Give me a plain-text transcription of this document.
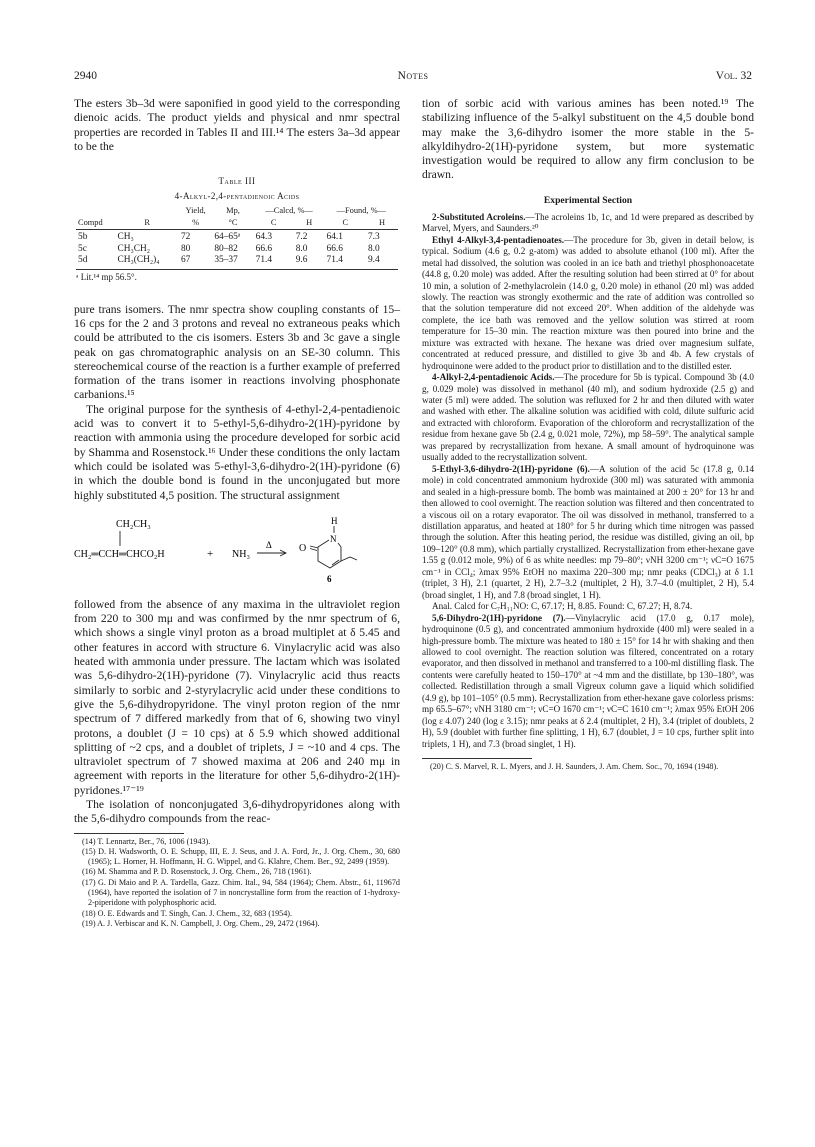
2940	Notes	Vol. 32

The esters 3b–3d were saponified in good yield to the corresponding dienoic acids. The product yields and physical and nmr spectral properties are recorded in Tables II and III.¹⁴ The esters 3a–3d appear to be the

Table III
4-Alkyl-2,4-pentadienoic Acids
		Yield,	Mp,	—Calcd, %—		—Found, %—	
Compd	R	%	°C	C	H	C	H
5b	CH₃	72	64–65ᵃ	64.3	7.2	64.1	7.3
5c	CH₃CH₂	80	80–82	66.6	8.0	66.6	8.0
5d	CH₃(CH₂)₄	67	35–37	71.4	9.6	71.4	9.4
ᵃ Lit.¹⁴ mp 56.5°.

pure trans isomers. The nmr spectra show coupling constants of 15–16 cps for the 2 and 3 protons and reveal no extraneous peaks which could be attributed to the cis isomers. Esters 3b and 3c gave a single peak on gas chromatographic analysis on an SE-30 column. This stereochemical course of the reaction is a further example of preferred formation of the trans isomer in reactions involving phosphonate carbanions.¹⁵

The original purpose for the synthesis of 4-ethyl-2,4-pentadienoic acid was to convert it to 5-ethyl-5,6-dihydro-2(1H)-pyridone by reaction with ammonia using the procedure developed for sorbic acid by Shamma and Rosenstock.¹⁶ Under these conditions the only lactam which could be isolated was 5-ethyl-3,6-dihydro-2(1H)-pyridone (6) in which the double bond is found in the unconjugated but more highly substituted 4,5 position. The structural assignment

CH₂CH₃
CH₂═CCH═CHCO₂H	+ NH₃
Δ
H
N
O
6

followed from the absence of any maxima in the ultraviolet region from 220 to 300 mμ and was confirmed by the nmr spectrum of 6, which shows a single vinyl proton as a broad multiplet at δ 5.45 and other features in accord with structure 6. Vinylacrylic acid was also heated with ammonia under pressure. The lactam which was isolated was 5,6-dihydro-2(1H)-pyridone (7). Vinylacrylic acid thus reacts similarly to sorbic and 2-styrylacrylic acid under these conditions to give the 5,6-dihydropyridone. The vinyl proton region of the nmr spectrum of 7 differed markedly from that of 6, showing two vinyl protons, a doublet (J = 10 cps) at δ 5.9 which showed additional splitting of ~2 cps, and a doublet of triplets, J = ~10 and 4 cps. The ultraviolet spectrum of 7 showed maxima at 206 and 240 mμ in agreement with reports in the literature for other 5,6-dihydro-2(1H)-pyridones.¹⁷⁻¹⁹

The isolation of nonconjugated 3,6-dihydropyridones along with the 5,6-dihydro compounds from the reac-

(14) T. Lennartz, Ber., 76, 1006 (1943).
(15) D. H. Wadsworth, O. E. Schupp, III, E. J. Seus, and J. A. Ford, Jr., J. Org. Chem., 30, 680 (1965); L. Horner, H. Hoffmann, H. G. Wippel, and G. Klahre, Chem. Ber., 92, 2499 (1959).
(16) M. Shamma and P. D. Rosenstock, J. Org. Chem., 26, 718 (1961).
(17) G. Di Maio and P. A. Tardella, Gazz. Chim. Ital., 94, 584 (1964); Chem. Abstr., 61, 11967d (1964), have reported the isolation of 7 in noncrystalline form from the reaction of 1-hydroxy-2-piperidone with polyphosphoric acid.
(18) O. E. Edwards and T. Singh, Can. J. Chem., 32, 683 (1954).
(19) A. J. Verbiscar and K. N. Campbell, J. Org. Chem., 29, 2472 (1964).

tion of sorbic acid with various amines has been noted.¹⁹ The stabilizing influence of the 5-alkyl substituent on the 4,5 double bond may make the 3,6-dihydro isomer the more stable in the 5-alkyldihydro-2(1H)-pyridone system, but more systematic investigation would be required to allow any firm conclusion to be drawn.

Experimental Section

2-Substituted Acroleins.—The acroleins 1b, 1c, and 1d were prepared as described by Marvel, Myers, and Saunders.²⁰

Ethyl 4-Alkyl-3,4-pentadienoates.—The procedure for 3b, given in detail below, is typical. Sodium (4.6 g, 0.2 g-atom) was added to absolute ethanol (100 ml). After the metal had dissolved, the solution was cooled in an ice bath and triethyl phosphonoacetate (44.8 g, 0.20 mole) was added. After the resulting solution had been stirred at 0° for about 10 min, a solution of 2-methylacrolein (14.0 g, 0.20 mole) in ethanol (20 ml) was added slowly. The reaction was strongly exothermic and the rate of addition was controlled so that the solution temperature did not exceed 20°. When addition of the aldehyde was complete, the ice bath was removed and the yellow solution was stirred at room temperature for 15–30 min. The reaction mixture was then poured into brine and the mixture was extracted with hexane. The hexane was dried over magnesium sulfate, concentrated at reduced pressure, and distilled to give 3b and 4b. A few crystals of hydroquinone were added to the product prior to distillation and to the distilled ester.

4-Alkyl-2,4-pentadienoic Acids.—The procedure for 5b is typical. Compound 3b (4.0 g, 0.029 mole) was dissolved in methanol (40 ml), and sodium hydroxide (2.5 g) and water (5 ml) were added. The solution was refluxed for 2 hr and then diluted with water and washed with ether. The alkaline solution was acidified with cold, dilute sulfuric acid and extracted with chloroform. Evaporation of the chloroform and recrystallization of the residue from hexane gave 5b (2.4 g, 0.021 mole, 72%), mp 58–59°. The analytical sample was prepared by recrystallization from hexane. A small amount of hydroquinone was usually added to the recrystallization solvent.

5-Ethyl-3,6-dihydro-2(1H)-pyridone (6).—A solution of the acid 5c (17.8 g, 0.14 mole) in cold concentrated ammonium hydroxide (300 ml) was saturated with ammonia and sealed in a high-pressure bomb. The bomb was maintained at 200 ± 20° for 13 hr and then allowed to cool overnight. The reaction solution was filtered and then concentrated to a viscous oil on a rotary evaporator. The oil was dissolved in methanol, transferred to a distillation apparatus, and heated at 180° for 5 hr during which time nitrogen was passed through the solution. After this heating period, the residue was distilled, giving an oil, bp 109–120° (0.8 mm), which partially crystallized. Recrystallization from ether-hexane gave 1.55 g (0.012 mole, 9%) of 6 as white needles: mp 79–80°; νNH 3200 cm⁻¹; νC=O 1675 cm⁻¹ in CCl₄; λmax 95% EtOH no maxima 220–300 mμ; nmr peaks (CDCl₃) at δ 1.1 (triplet, 3 H), 2.1 (quartet, 2 H), 2.7–3.2 (multiplet, 2 H), 3.7–4.0 (multiplet, 2 H), 5.4 (broad singlet, 1 H), and 7.8 (broad singlet, 1 H).

Anal. Calcd for C₇H₁₁NO: C, 67.17; H, 8.85. Found: C, 67.27; H, 8.74.

5,6-Dihydro-2(1H)-pyridone (7).—Vinylacrylic acid (17.0 g, 0.17 mole), hydroquinone (0.5 g), and concentrated ammonium hydroxide (400 ml) were sealed in a high-pressure bomb. The mixture was heated to 180 ± 15° for 14 hr with shaking and then allowed to cool overnight. The reaction solution was filtered, concentrated on a rotary evaporator, and then dissolved in methanol and transferred to a 100-ml distilling flask. The contents were carefully heated to 150–170° at ~4 mm and the distillate, bp 130–180°, was collected. Redistillation through a small Vigreux column gave a liquid which solidified (4.9 g), bp 101–105° (0.5 mm). Recrystallization from ether-hexane gave colorless prisms: mp 65.5–67°; νNH 3180 cm⁻¹; νC=O 1670 cm⁻¹; νC=C 1610 cm⁻¹; λmax 95% EtOH 206 (log ε 4.07) 240 (log ε 3.15); nmr peaks at δ 2.4 (multiplet, 2 H), 3.4 (triplet of doublets, 2 H), 5.9 (doublet with further fine splitting, 1 H), 6.7 (doublet, J = 10 cps, further split into triplets, 1 H), and 7.3 (broad singlet, 1 H).

(20) C. S. Marvel, R. L. Myers, and J. H. Saunders, J. Am. Chem. Soc., 70, 1694 (1948).
